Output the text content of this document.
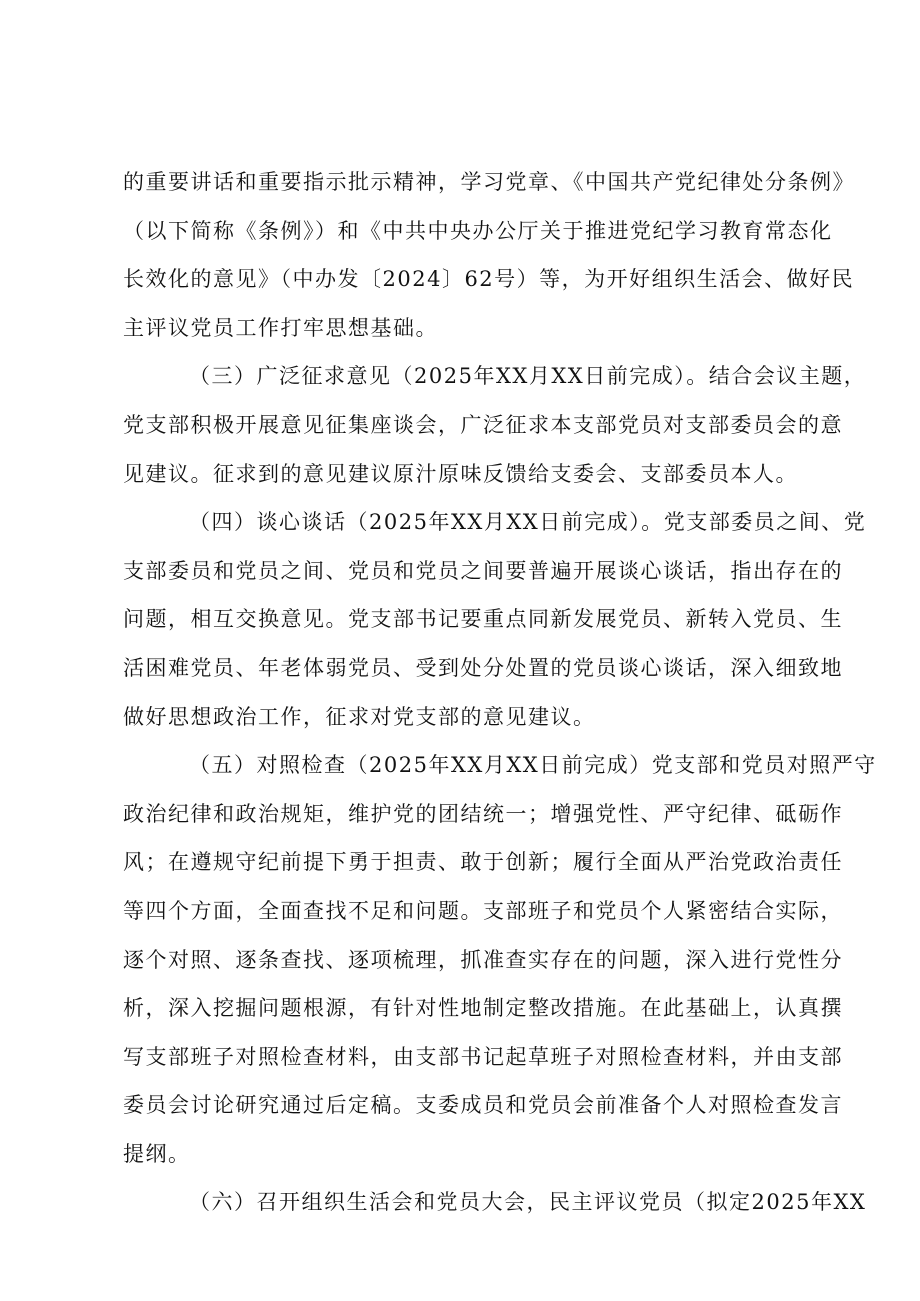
的重要讲话和重要指示批示精神，学习党章、《中国共产党纪律处分条例》
（以下简称《条例》）和《中共中央办公厅关于推进党纪学习教育常态化
长效化的意见》（中办发〔2024〕62号）等，为开好组织生活会、做好民
主评议党员工作打牢思想基础。
（三）广泛征求意见（2025年XX月XX日前完成）。结合会议主题，
党支部积极开展意见征集座谈会，广泛征求本支部党员对支部委员会的意
见建议。征求到的意见建议原汁原味反馈给支委会、支部委员本人。
（四）谈心谈话（2025年XX月XX日前完成）。党支部委员之间、党
支部委员和党员之间、党员和党员之间要普遍开展谈心谈话，指出存在的
问题，相互交换意见。党支部书记要重点同新发展党员、新转入党员、生
活困难党员、年老体弱党员、受到处分处置的党员谈心谈话，深入细致地
做好思想政治工作，征求对党支部的意见建议。
（五）对照检查（2025年XX月XX日前完成）党支部和党员对照严守
政治纪律和政治规矩，维护党的团结统一；增强党性、严守纪律、砥砺作
风；在遵规守纪前提下勇于担责、敢于创新；履行全面从严治党政治责任
等四个方面，全面查找不足和问题。支部班子和党员个人紧密结合实际，
逐个对照、逐条查找、逐项梳理，抓准查实存在的问题，深入进行党性分
析，深入挖掘问题根源，有针对性地制定整改措施。在此基础上，认真撰
写支部班子对照检查材料，由支部书记起草班子对照检查材料，并由支部
委员会讨论研究通过后定稿。支委成员和党员会前准备个人对照检查发言
提纲。
（六）召开组织生活会和党员大会，民主评议党员（拟定2025年XX
